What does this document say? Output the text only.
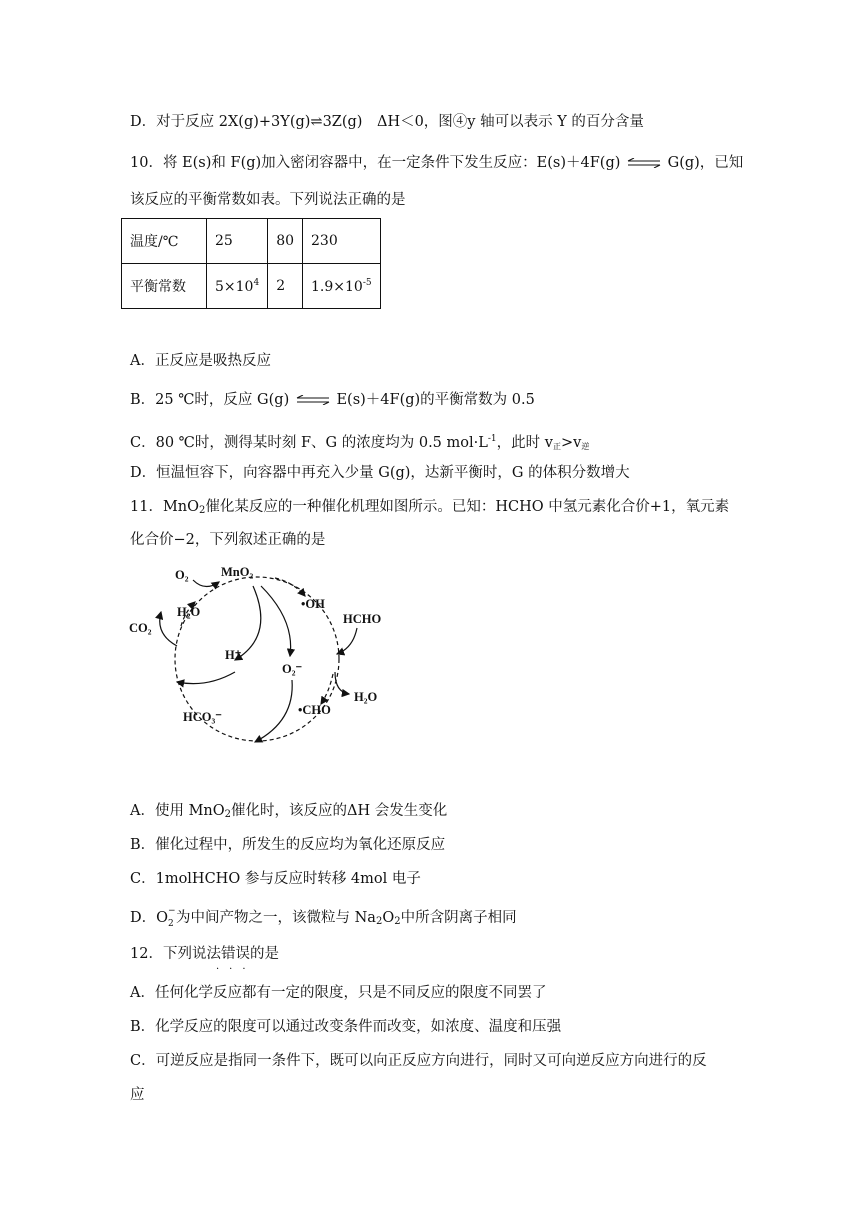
D．对于反应 2X(g)+3Y(g)⇌3Z(g)　ΔH＜0，图④y 轴可以表示 Y 的百分含量
10．将 E(s)和 F(g)加入密闭容器中，在一定条件下发生反应：E(s)＋4F(g) ⇌ G(g)，已知
该反应的平衡常数如表。下列说法正确的是
温度/℃	25	80	230
平衡常数	$5\times 10^4$	2	$1.9\times 10^{-5}$
A．正反应是吸热反应
B．25 ℃时，反应 G(g) ⇌ E(s)＋4F(g)的平衡常数为 0.5
C．80 ℃时，测得某时刻 F、G 的浓度均为 0.5 $mol\cdot L^{-1}$，此时 $v_正>v_逆$
D．恒温恒容下，向容器中再充入少量 G(g)，达新平衡时，G 的体积分数增大
11．MnO$_2$催化某反应的一种催化机理如图所示。已知：HCHO 中氢元素化合价+1，氧元素
化合价−2，下列叙述正确的是
O₂	MnO₂
•OH
HCHO
H₂O
CO₂
H⁺
O₂⁻
H₂O
•CHO
HCO₃⁻
A．使用 MnO$_2$催化时，该反应的ΔH 会发生变化
B．催化过程中，所发生的反应均为氧化还原反应
C．1molHCHO 参与反应时转移 4mol 电子
D．O −
2 为中间产物之一，该微粒与 $Na_2O_2$中所含阴离子相同
12．下列说法错误的是
···
A．任何化学反应都有一定的限度，只是不同反应的限度不同罢了
B．化学反应的限度可以通过改变条件而改变，如浓度、温度和压强
C．可逆反应是指同一条件下，既可以向正反应方向进行，同时又可向逆反应方向进行的反
应
